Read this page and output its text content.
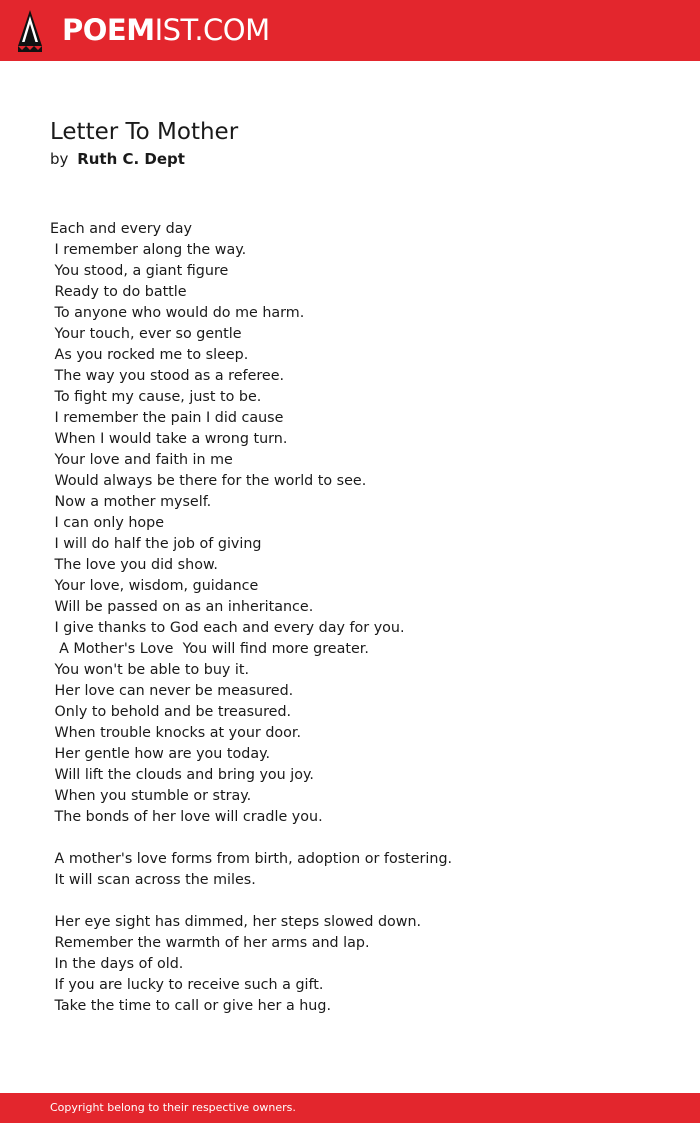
POEMIST.COM
Letter To Mother
by Ruth C. Dept
Each and every day
I remember along the way.
You stood, a giant figure
Ready to do battle
To anyone who would do me harm.
Your touch, ever so gentle
As you rocked me to sleep.
The way you stood as a referee.
To fight my cause, just to be.
I remember the pain I did cause
When I would take a wrong turn.
Your love and faith in me
Would always be there for the world to see.
Now a mother myself.
I can only hope
I will do half the job of giving
The love you did show.
Your love, wisdom, guidance
Will be passed on as an inheritance.
I give thanks to God each and every day for you.
A Mother's Love  You will find more greater.
You won't be able to buy it.
Her love can never be measured.
Only to behold and be treasured.
When trouble knocks at your door.
Her gentle how are you today.
Will lift the clouds and bring you joy.
When you stumble or stray.
The bonds of her love will cradle you.
A mother's love forms from birth, adoption or fostering.
It will scan across the miles.
Her eye sight has dimmed, her steps slowed down.
Remember the warmth of her arms and lap.
In the days of old.
If you are lucky to receive such a gift.
Take the time to call or give her a hug.
Copyright belong to their respective owners.
